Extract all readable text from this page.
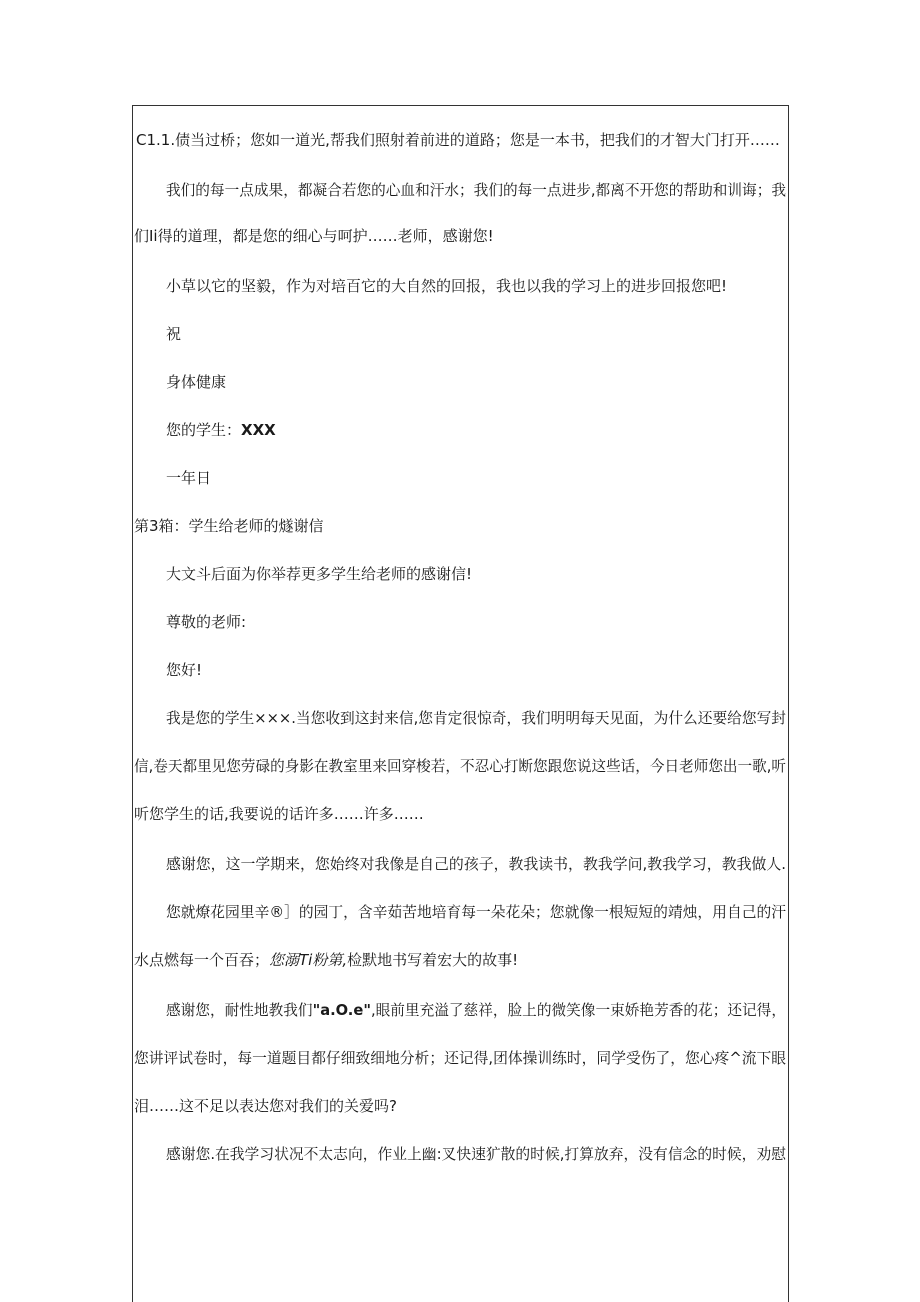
C1.1.债当过桥；您如一道光,帮我们照射着前进的道路；您是一本书，把我们的才智大门打开……
我们的每一点成果，都凝合若您的心血和汗水；我们的每一点进步,都离不开您的帮助和训诲；我
们Ii得的道理，都是您的细心与呵护……老师，感谢您!
小草以它的坚毅，作为对培百它的大自然的回报，我也以我的学习上的进步回报您吧!
祝
身体健康
您的学生：XXX
一年日
第3箱：学生给老师的燧谢信
大文斗后面为你举荐更多学生给老师的感谢信!
尊敬的老师:
您好!
我是您的学生×××.当您收到这封来信,您肯定很惊奇，我们明明每天见面，为什么还要给您写封
信,卷天都里见您劳碌的身影在教室里来回穿梭若，不忍心打断您跟您说这些话，今日老师您出一歌,听
听您学生的话,我要说的话许多……许多……
感谢您，这一学期来，您始终对我像是自己的孩子，教我读书，教我学问,教我学习，教我做人.
您就燎花园里辛®］的园丁，含辛茹苦地培育每一朵花朵；您就像一根短短的靖烛，用自己的汗
水点燃每一个百吞；您溺Ti粉第,检默地书写着宏大的故事!
感谢您，耐性地教我们"a.O.e",眼前里充溢了慈祥，脸上的微笑像一束娇艳芳香的花；还记得，
您讲评试卷时，每一道题目都仔细致细地分析；还记得,团体操训练时，同学受伤了，您心疼^流下眼
泪……这不足以表达您对我们的关爱吗?
感谢您.在我学习状况不太志向，作业上幽:叉快速犷散的时候,打算放弃，没有信念的时候，劝慰
